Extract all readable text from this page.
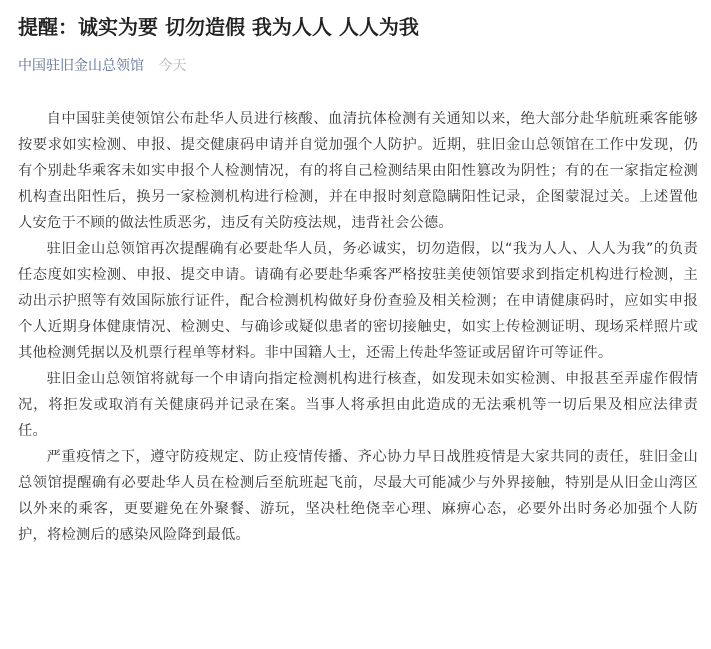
提醒：诚实为要 切勿造假 我为人人 人人为我
中国驻旧金山总领馆 今天

自中国驻美使领馆公布赴华人员进行核酸、血清抗体检测有关通知以来，绝大部分赴华航班乘客能够按要求如实检测、申报、提交健康码申请并自觉加强个人防护。近期，驻旧金山总领馆在工作中发现，仍有个别赴华乘客未如实申报个人检测情况，有的将自己检测结果由阳性篡改为阴性；有的在一家指定检测机构查出阳性后，换另一家检测机构进行检测，并在申报时刻意隐瞒阳性记录，企图蒙混过关。上述置他人安危于不顾的做法性质恶劣，违反有关防疫法规，违背社会公德。

驻旧金山总领馆再次提醒确有必要赴华人员，务必诚实，切勿造假，以“我为人人、人人为我”的负责任态度如实检测、申报、提交申请。请确有必要赴华乘客严格按驻美使领馆要求到指定机构进行检测，主动出示护照等有效国际旅行证件，配合检测机构做好身份查验及相关检测；在申请健康码时，应如实申报个人近期身体健康情况、检测史、与确诊或疑似患者的密切接触史，如实上传检测证明、现场采样照片或其他检测凭据以及机票行程单等材料。非中国籍人士，还需上传赴华签证或居留许可等证件。

驻旧金山总领馆将就每一个申请向指定检测机构进行核查，如发现未如实检测、申报甚至弄虚作假情况，将拒发或取消有关健康码并记录在案。当事人将承担由此造成的无法乘机等一切后果及相应法律责任。

严重疫情之下，遵守防疫规定、防止疫情传播、齐心协力早日战胜疫情是大家共同的责任，驻旧金山总领馆提醒确有必要赴华人员在检测后至航班起飞前，尽最大可能减少与外界接触，特别是从旧金山湾区以外来的乘客，更要避免在外聚餐、游玩，坚决杜绝侥幸心理、麻痹心态，必要外出时务必加强个人防护，将检测后的感染风险降到最低。
